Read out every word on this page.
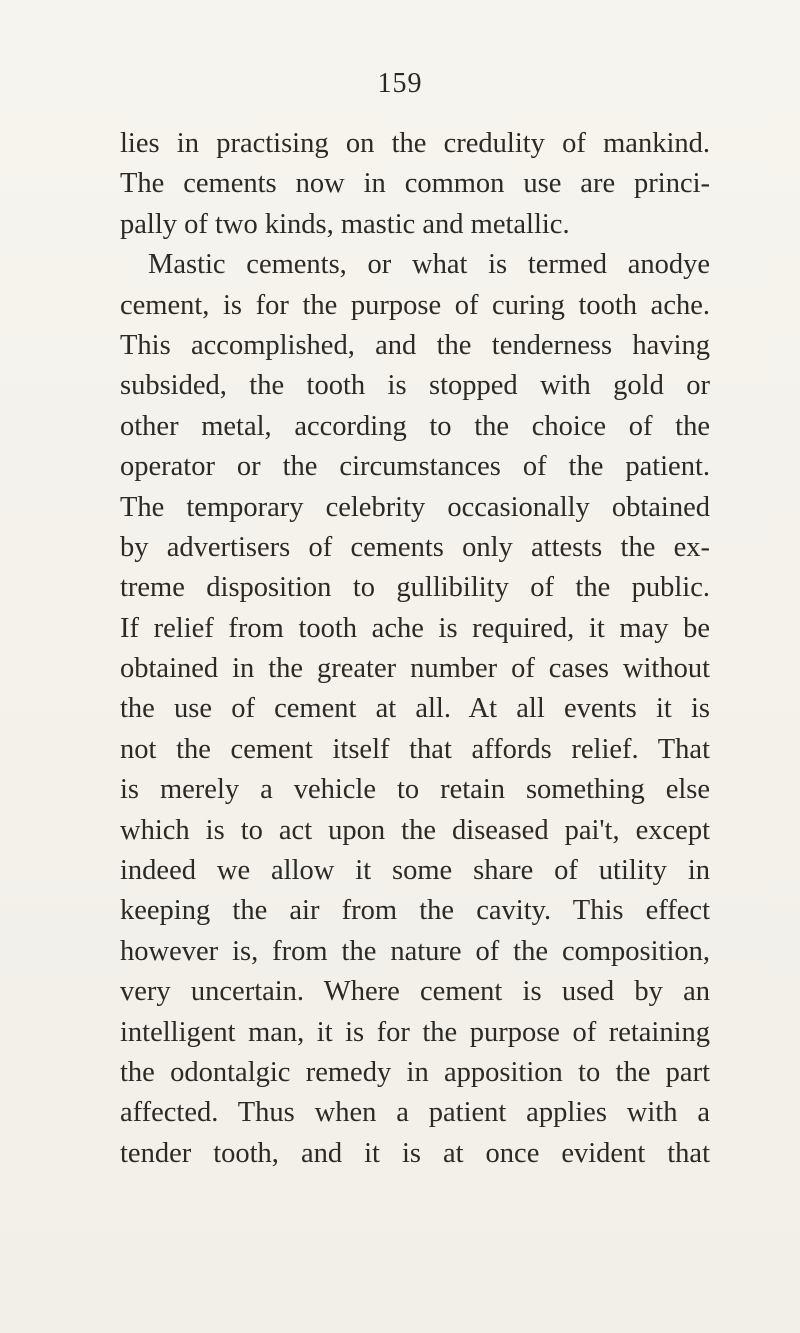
159
lies in practising on the credulity of mankind.
The cements now in common use are princi-
pally of two kinds, mastic and metallic.
Mastic cements, or what is termed anodye
cement, is for the purpose of curing tooth ache.
This accomplished, and the tenderness having
subsided, the tooth is stopped with gold or
other metal, according to the choice of the
operator or the circumstances of the patient.
The temporary celebrity occasionally obtained
by advertisers of cements only attests the ex-
treme disposition to gullibility of the public.
If relief from tooth ache is required, it may be
obtained in the greater number of cases without
the use of cement at all. At all events it is
not the cement itself that affords relief. That
is merely a vehicle to retain something else
which is to act upon the diseased pai't, except
indeed we allow it some share of utility in
keeping the air from the cavity. This effect
however is, from the nature of the composition,
very uncertain. Where cement is used by an
intelligent man, it is for the purpose of retaining
the odontalgic remedy in apposition to the part
affected. Thus when a patient applies with a
tender tooth, and it is at once evident that
